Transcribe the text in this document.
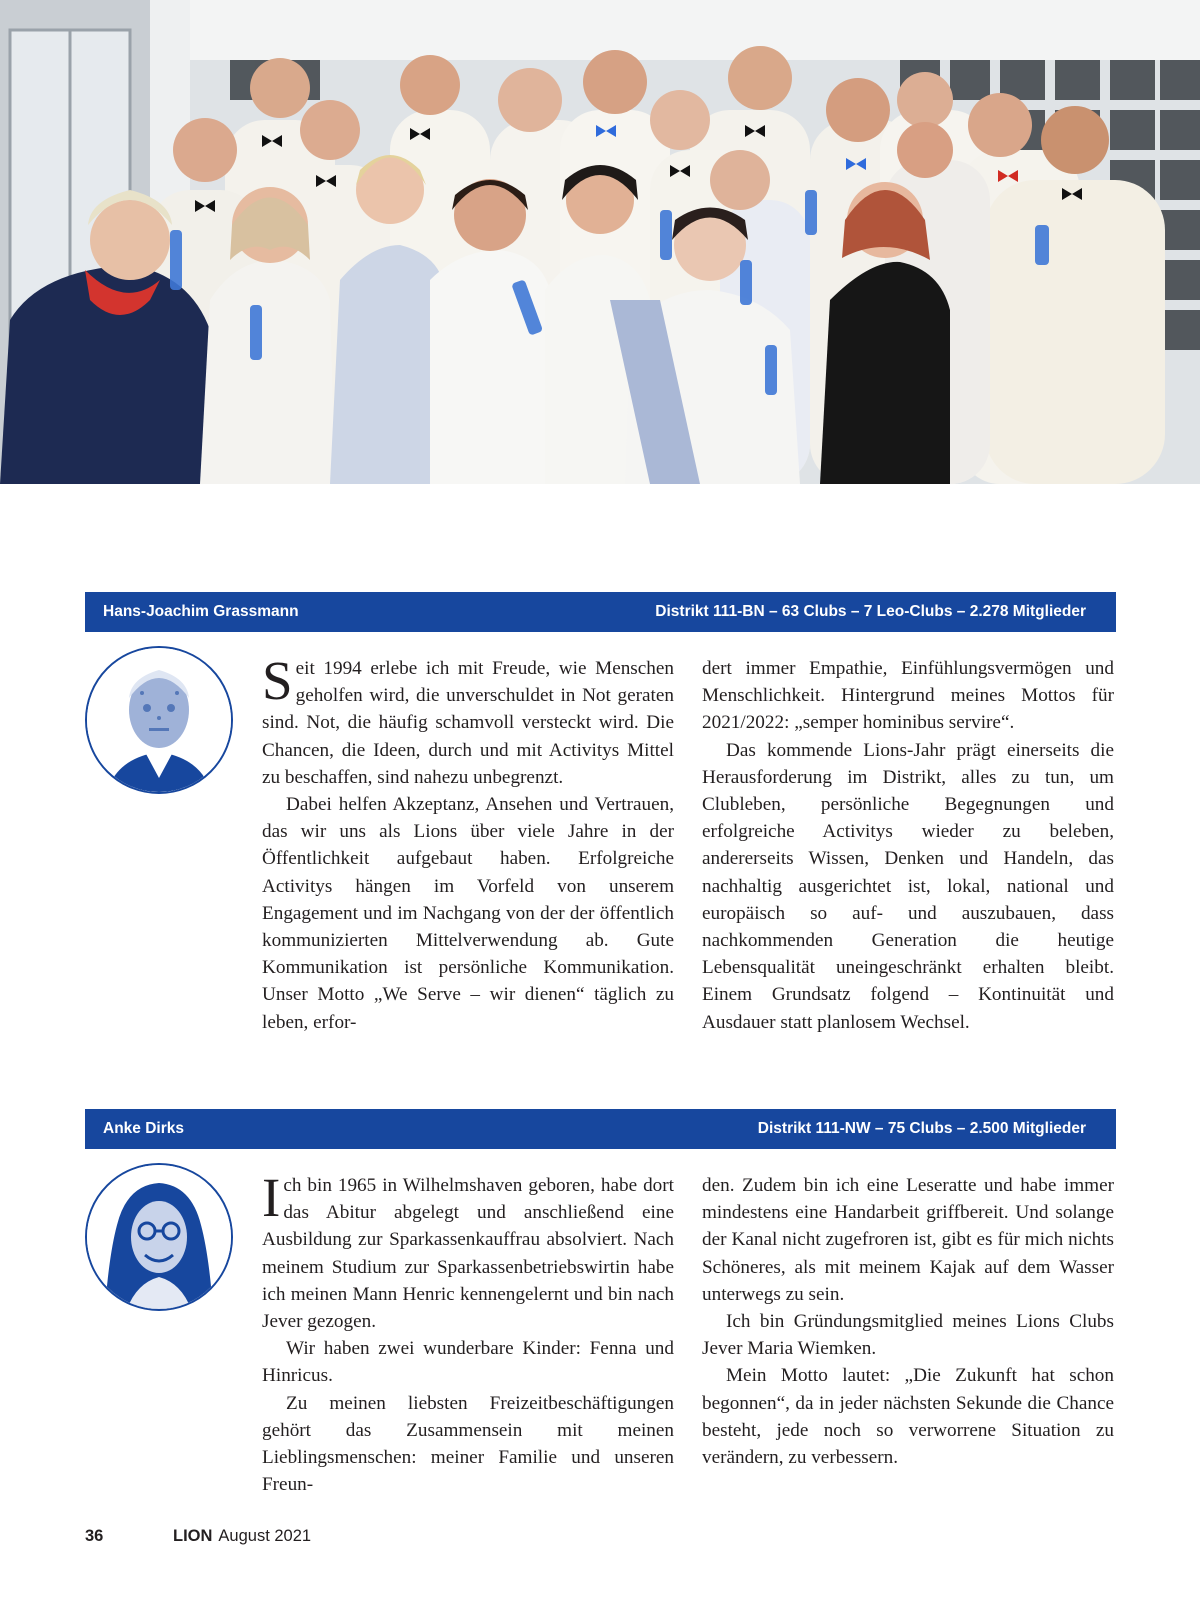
Hans-Joachim Grassmann	Distrikt 111-BN – 63 Clubs – 7 Leo-Clubs – 2.278 Mitglieder

Seit 1994 erlebe ich mit Freude, wie Menschen geholfen wird, die unverschuldet in Not geraten sind. Not, die häufig schamvoll versteckt wird. Die Chancen, die Ideen, durch und mit Activitys Mittel zu beschaffen, sind nahezu unbegrenzt.

Dabei helfen Akzeptanz, Ansehen und Vertrauen, das wir uns als Lions über viele Jahre in der Öffentlichkeit aufgebaut haben. Erfolgreiche Activitys hängen im Vorfeld von unserem Engagement und im Nachgang von der der öffentlich kommunizierten Mittelverwendung ab. Gute Kommunikation ist persönliche Kommunikation. Unser Motto „We Serve – wir dienen“ täglich zu leben, erfor-

dert immer Empathie, Einfühlungsvermögen und Menschlichkeit. Hintergrund meines Mottos für 2021/2022: „semper hominibus servire“.

Das kommende Lions-Jahr prägt einerseits die Herausforderung im Distrikt, alles zu tun, um Clubleben, persönliche Begegnungen und erfolgreiche Activitys wieder zu beleben, andererseits Wissen, Denken und Handeln, das nachhaltig ausgerichtet ist, lokal, national und europäisch so auf- und auszubauen, dass nachkommenden Generation die heutige Lebensqualität uneingeschränkt erhalten bleibt. Einem Grundsatz folgend – Kontinuität und Ausdauer statt planlosem Wechsel.

Anke Dirks	Distrikt 111-NW – 75 Clubs – 2.500 Mitglieder

Ich bin 1965 in Wilhelmshaven geboren, habe dort das Abitur abgelegt und anschließend eine Ausbildung zur Sparkassenkauffrau absolviert. Nach meinem Studium zur Sparkassenbetriebswirtin habe ich meinen Mann Henric kennengelernt und bin nach Jever gezogen.

Wir haben zwei wunderbare Kinder: Fenna und Hinricus.

Zu meinen liebsten Freizeitbeschäftigungen gehört das Zusammensein mit meinen Lieblingsmenschen: meiner Familie und unseren Freun-

den. Zudem bin ich eine Leseratte und habe immer mindestens eine Handarbeit griffbereit. Und solange der Kanal nicht zugefroren ist, gibt es für mich nichts Schöneres, als mit meinem Kajak auf dem Wasser unterwegs zu sein.

Ich bin Gründungsmitglied meines Lions Clubs Jever Maria Wiemken.

Mein Motto lautet: „Die Zukunft hat schon begonnen“, da in jeder nächsten Sekunde die Chance besteht, jede noch so verworrene Situation zu verändern, zu verbessern.

36	LION August 2021
